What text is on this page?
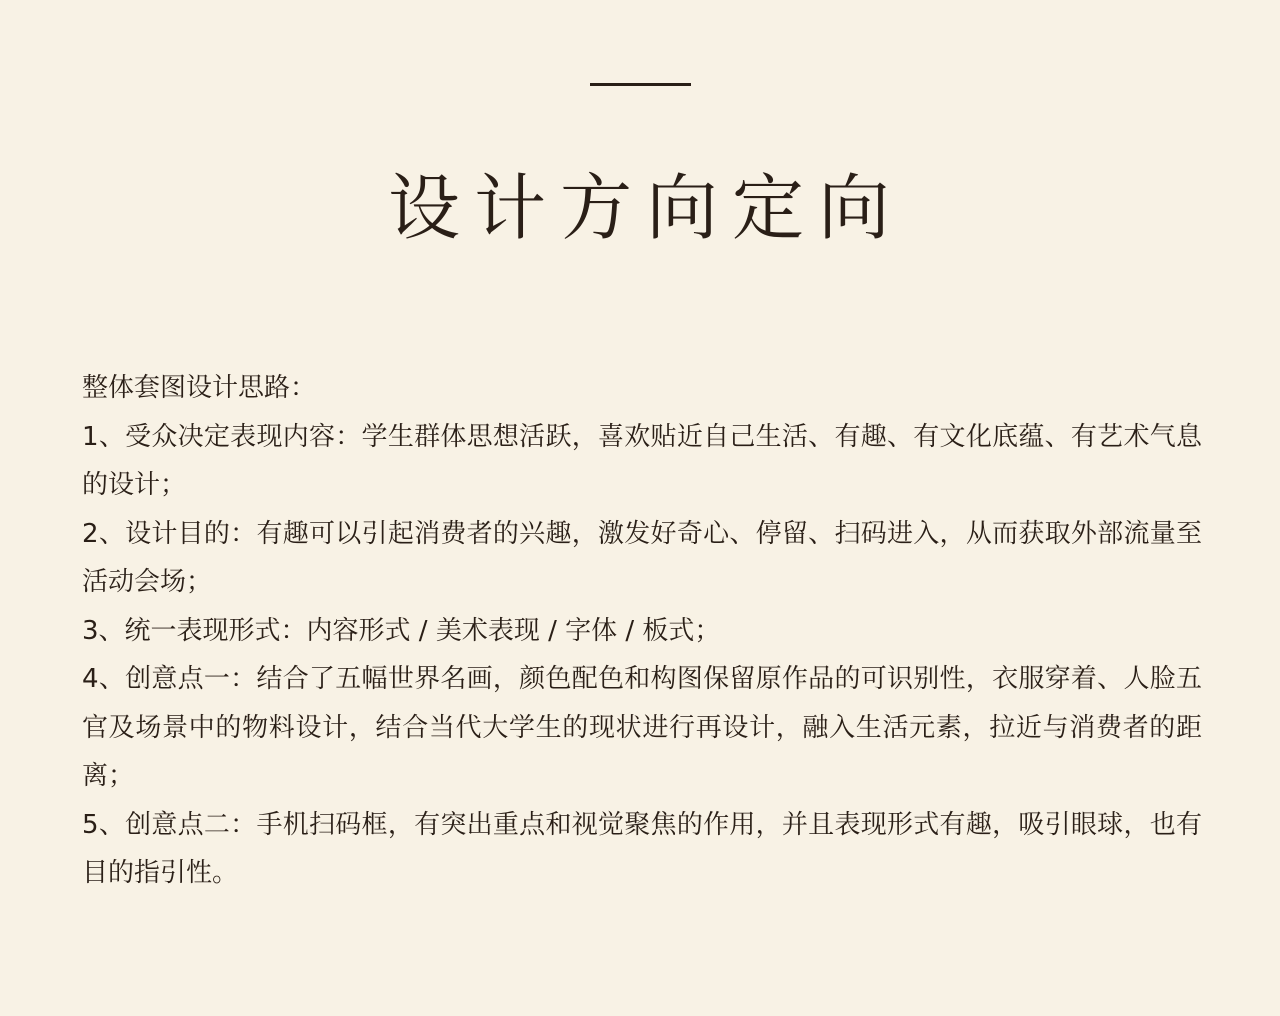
设计方向定向

整体套图设计思路：

1、受众决定表现内容：学生群体思想活跃，喜欢贴近自己生活、有趣、有文化底蕴、有艺术气息的设计；

2、设计目的：有趣可以引起消费者的兴趣，激发好奇心、停留、扫码进入，从而获取外部流量至活动会场；

3、统一表现形式：内容形式 / 美术表现 / 字体 / 板式；

4、创意点一：结合了五幅世界名画，颜色配色和构图保留原作品的可识别性，衣服穿着、人脸五官及场景中的物料设计，结合当代大学生的现状进行再设计，融入生活元素，拉近与消费者的距离；

5、创意点二：手机扫码框，有突出重点和视觉聚焦的作用，并且表现形式有趣，吸引眼球，也有目的指引性。
